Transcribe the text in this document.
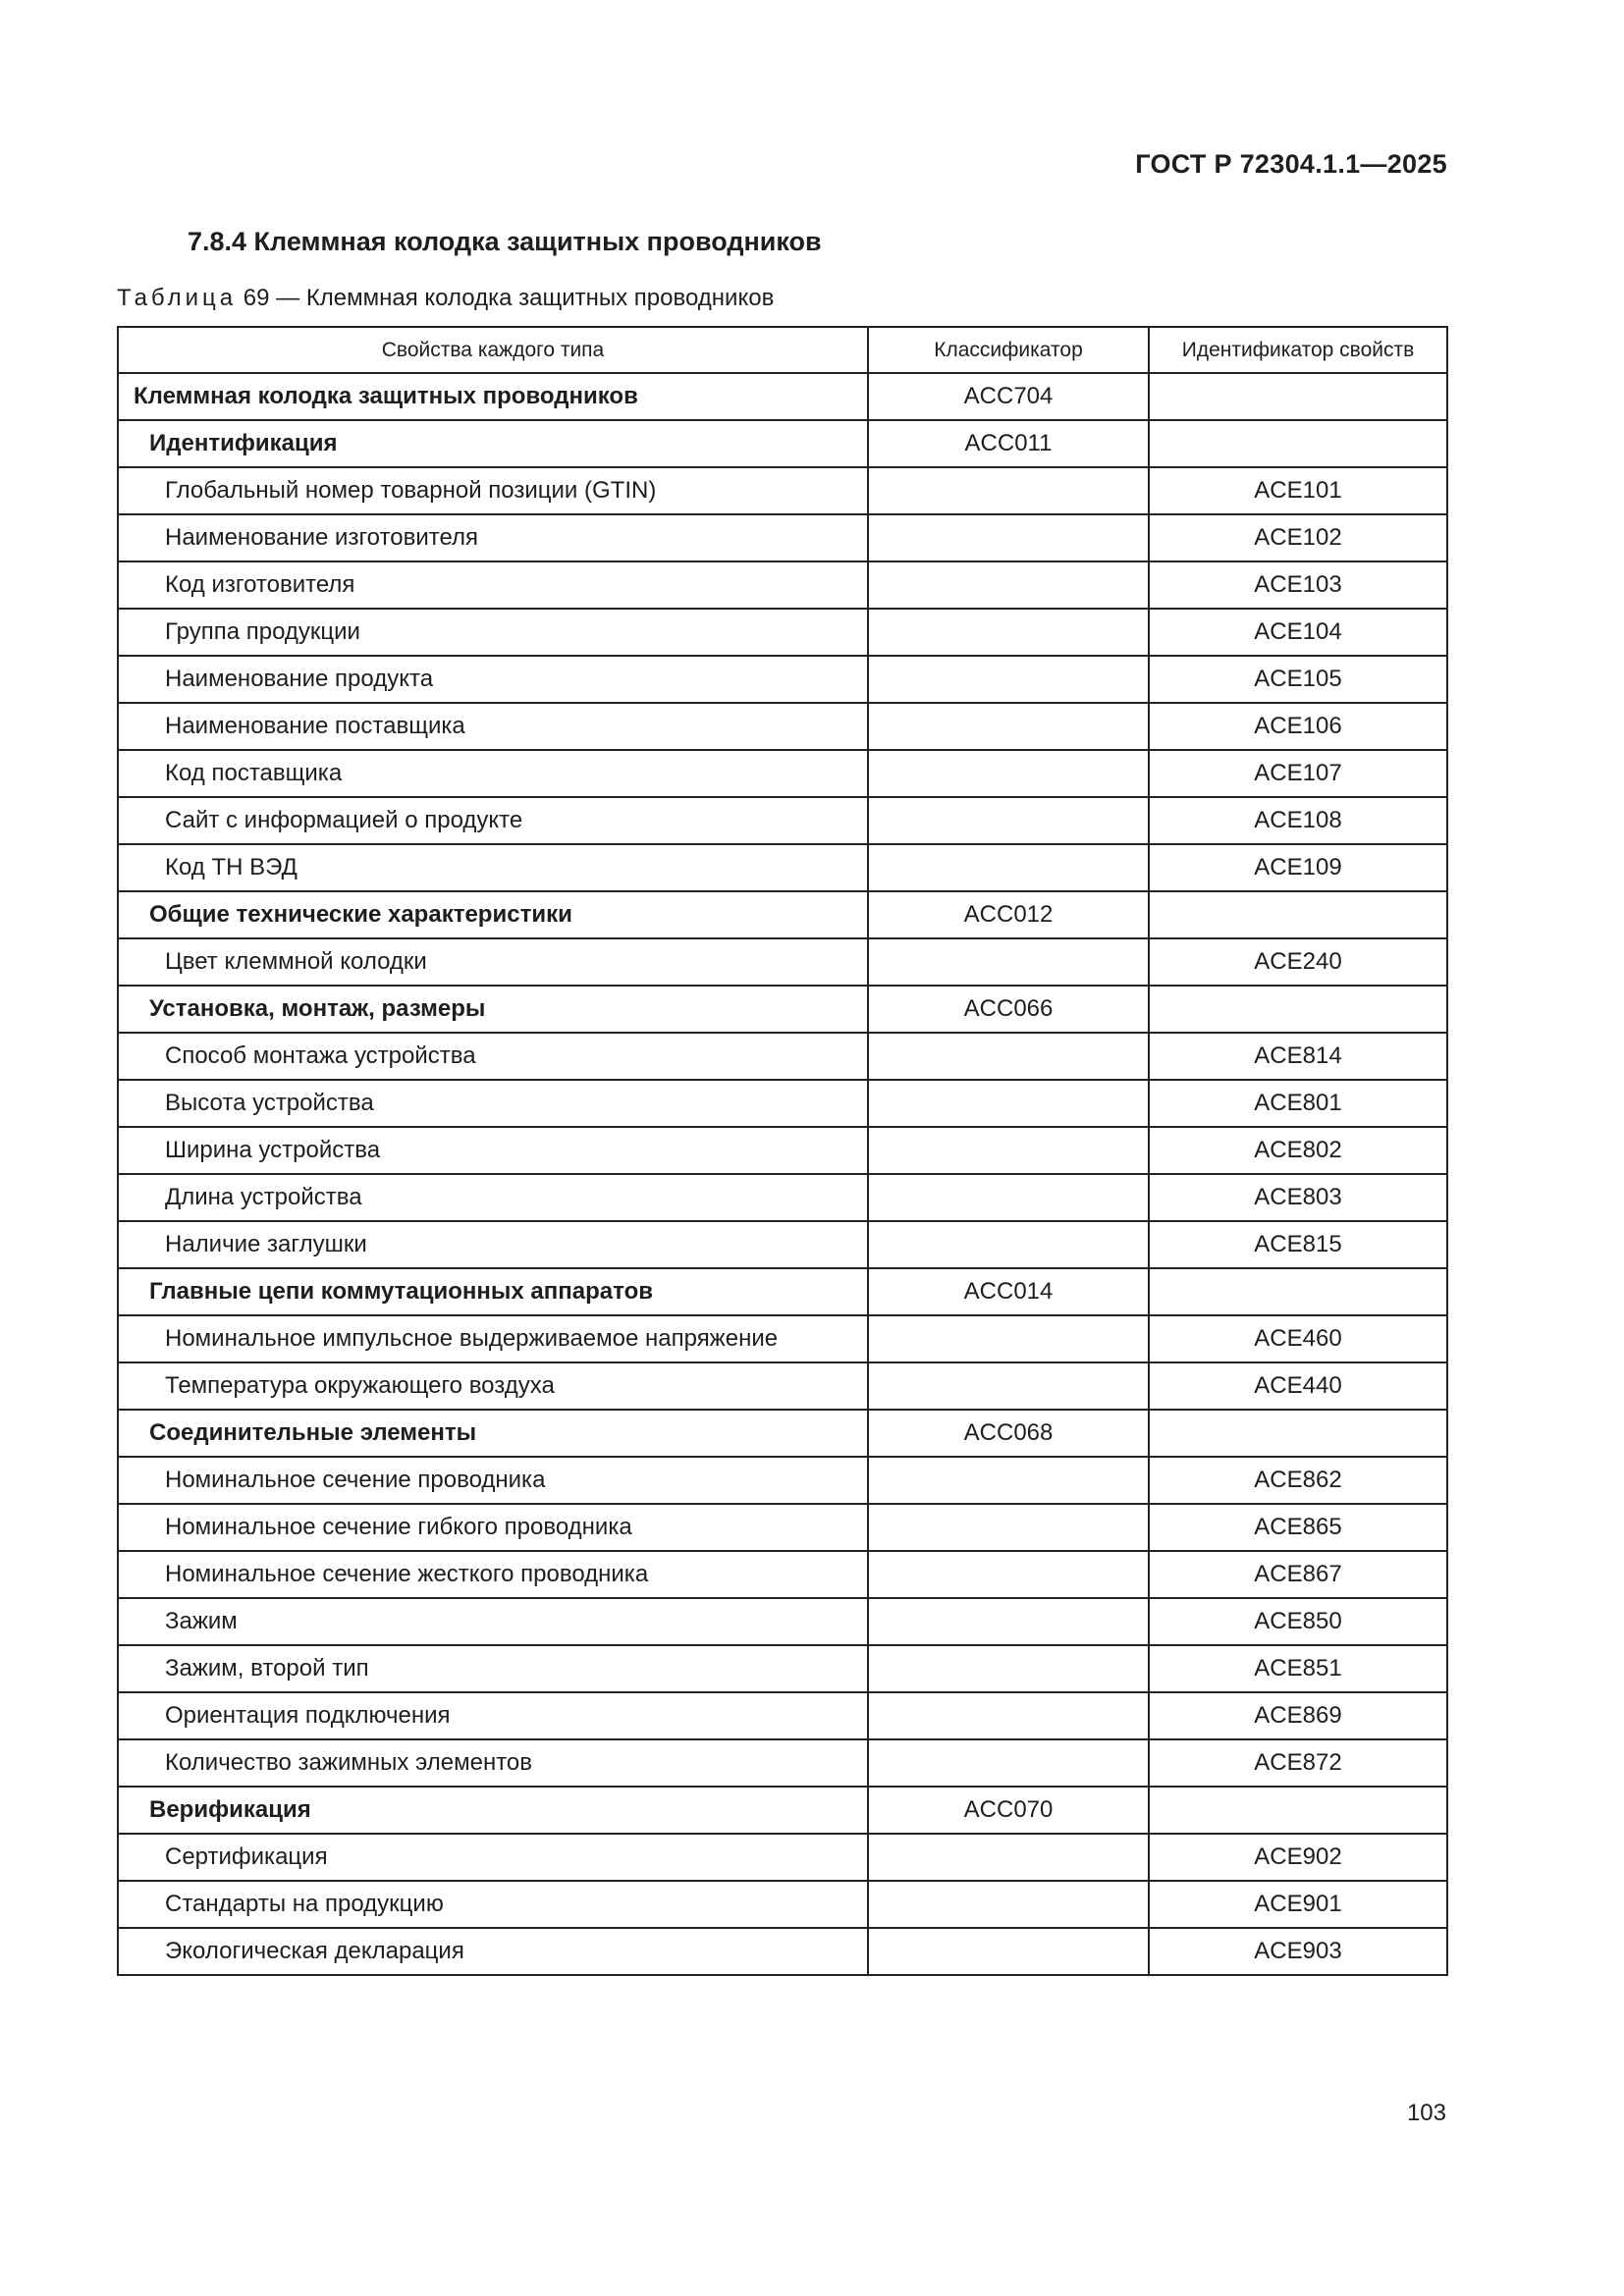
ГОСТ Р 72304.1.1—2025
7.8.4 Клеммная колодка защитных проводников
Таблица 69 — Клеммная колодка защитных проводников
Свойства каждого типа	Классификатор	Идентификатор свойств
Клеммная колодка защитных проводников	ACC704	
Идентификация	ACC011	
Глобальный номер товарной позиции (GTIN)		ACE101
Наименование изготовителя		ACE102
Код изготовителя		ACE103
Группа продукции		ACE104
Наименование продукта		ACE105
Наименование поставщика		ACE106
Код поставщика		ACE107
Сайт с информацией о продукте		ACE108
Код ТН ВЭД		ACE109
Общие технические характеристики	ACC012	
Цвет клеммной колодки		ACE240
Установка, монтаж, размеры	ACC066	
Способ монтажа устройства		ACE814
Высота устройства		ACE801
Ширина устройства		ACE802
Длина устройства		ACE803
Наличие заглушки		ACE815
Главные цепи коммутационных аппаратов	ACC014	
Номинальное импульсное выдерживаемое напряжение		ACE460
Температура окружающего воздуха		ACE440
Соединительные элементы	ACC068	
Номинальное сечение проводника		ACE862
Номинальное сечение гибкого проводника		ACE865
Номинальное сечение жесткого проводника		ACE867
Зажим		ACE850
Зажим, второй тип		ACE851
Ориентация подключения		ACE869
Количество зажимных элементов		ACE872
Верификация	ACC070	
Сертификация		ACE902
Стандарты на продукцию		ACE901
Экологическая декларация		ACE903
103
